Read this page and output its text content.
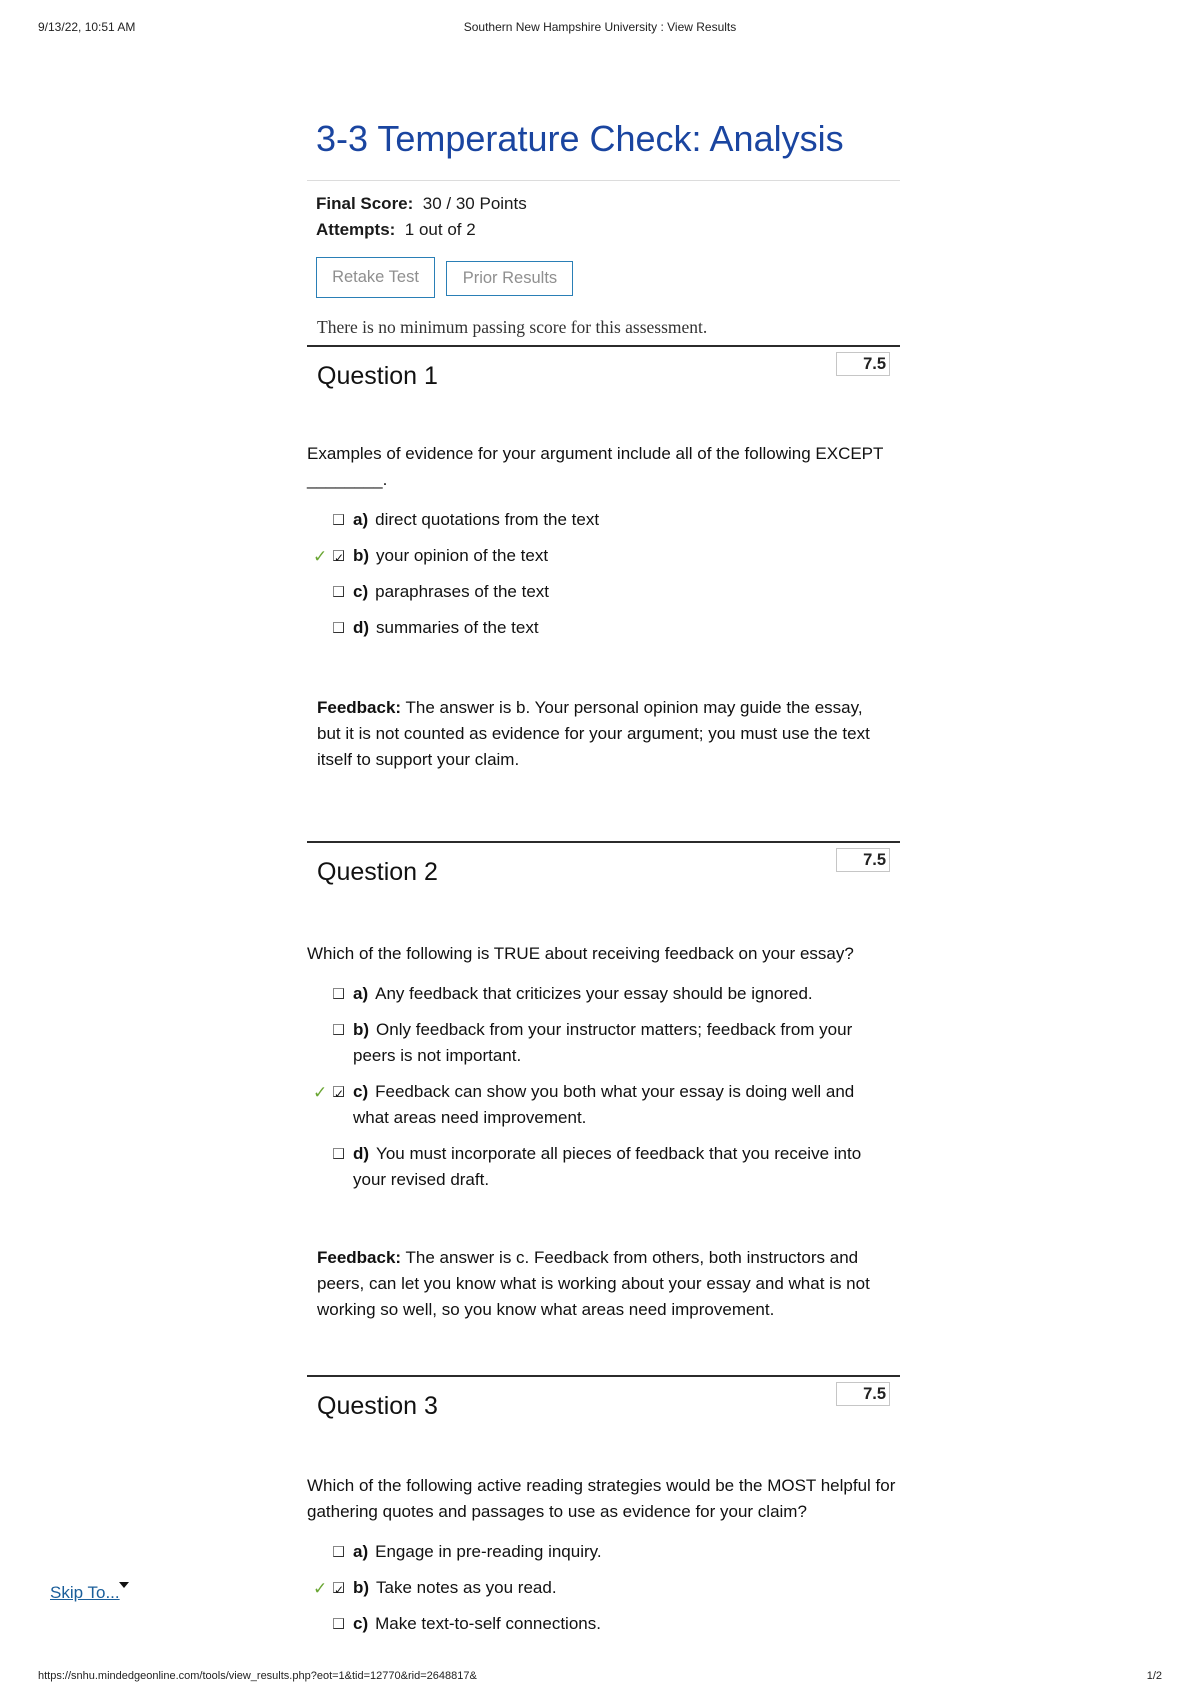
9/13/22, 10:51 AM	Southern New Hampshire University : View Results
3-3 Temperature Check: Analysis
Final Score: 30 / 30 Points
Attempts: 1 out of 2
Retake Test	Prior Results
There is no minimum passing score for this assessment.
7.5
Question 1
Examples of evidence for your argument include all of the following EXCEPT ________.
a) direct quotations from the text
✓ ✓ b) your opinion of the text
c) paraphrases of the text
d) summaries of the text
Feedback: The answer is b. Your personal opinion may guide the essay, but it is not counted as evidence for your argument; you must use the text itself to support your claim.
7.5
Question 2
Which of the following is TRUE about receiving feedback on your essay?
a) Any feedback that criticizes your essay should be ignored.
b) Only feedback from your instructor matters; feedback from your peers is not important.
✓ ✓ c) Feedback can show you both what your essay is doing well and what areas need improvement.
d) You must incorporate all pieces of feedback that you receive into your revised draft.
Feedback: The answer is c. Feedback from others, both instructors and peers, can let you know what is working about your essay and what is not working so well, so you know what areas need improvement.
7.5
Question 3
Which of the following active reading strategies would be the MOST helpful for gathering quotes and passages to use as evidence for your claim?
a) Engage in pre-reading inquiry.
✓ ✓ b) Take notes as you read.
c) Make text-to-self connections.
Skip To...
https://snhu.mindedgeonline.com/tools/view_results.php?eot=1&tid=12770&rid=2648817&	1/2
